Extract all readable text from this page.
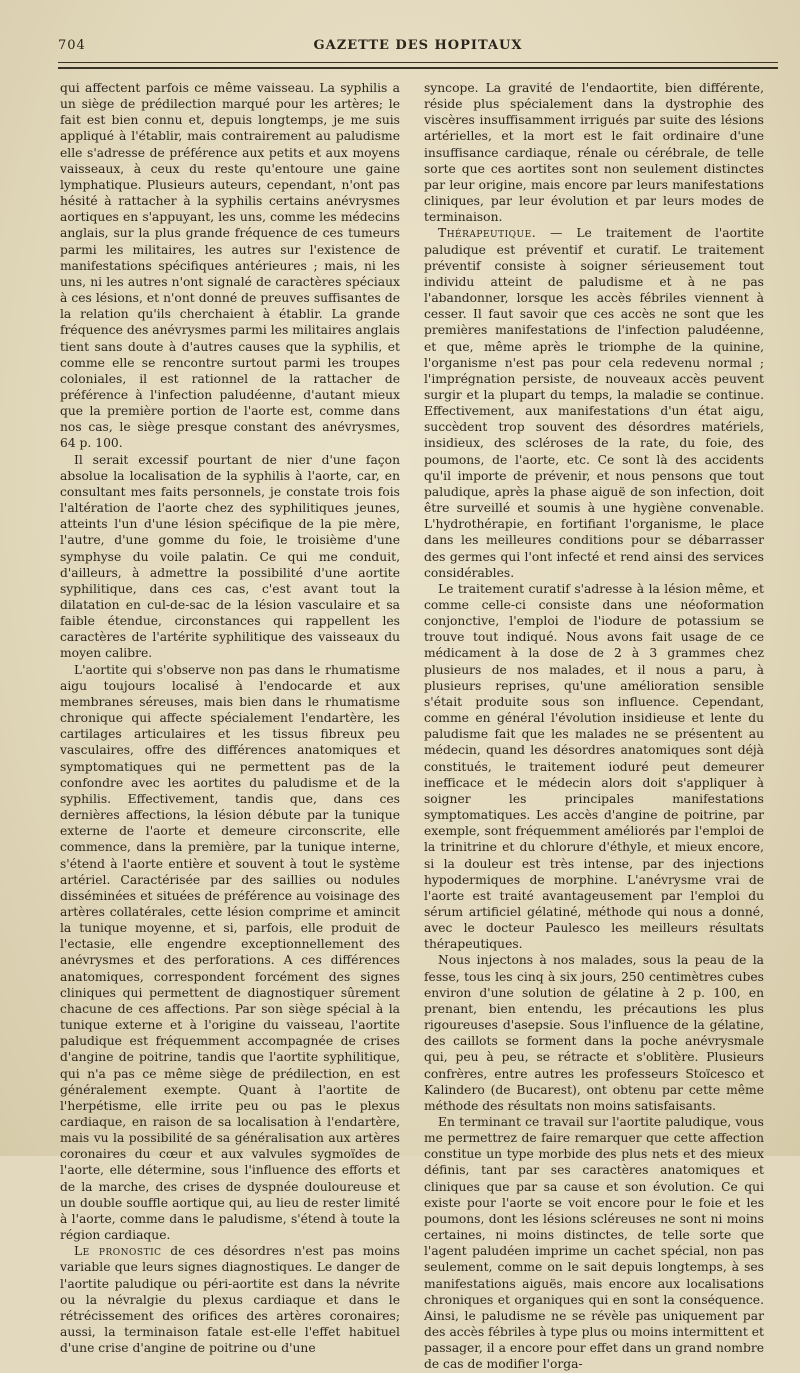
704	GAZETTE DES HOPITAUX

qui affectent parfois ce même vaisseau. La syphilis a un siège de prédilection marqué pour les artères; le fait est bien connu et, depuis longtemps, je me suis appliqué à l'établir, mais contrairement au paludisme elle s'adresse de préférence aux petits et aux moyens vaisseaux, à ceux du reste qu'entoure une gaine lymphatique. Plusieurs auteurs, cependant, n'ont pas hésité à rattacher à la syphilis certains anévrysmes aortiques en s'appuyant, les uns, comme les médecins anglais, sur la plus grande fréquence de ces tumeurs parmi les militaires, les autres sur l'existence de manifestations spécifiques antérieures ; mais, ni les uns, ni les autres n'ont signalé de caractères spéciaux à ces lésions, et n'ont donné de preuves suffisantes de la relation qu'ils cherchaient à établir. La grande fréquence des anévrysmes parmi les militaires anglais tient sans doute à d'autres causes que la syphilis, et comme elle se rencontre surtout parmi les troupes coloniales, il est rationnel de la rattacher de préférence à l'infection paludéenne, d'autant mieux que la première portion de l'aorte est, comme dans nos cas, le siège presque constant des anévrysmes, 64 p. 100.

Il serait excessif pourtant de nier d'une façon absolue la localisation de la syphilis à l'aorte, car, en consultant mes faits personnels, je constate trois fois l'altération de l'aorte chez des syphilitiques jeunes, atteints l'un d'une lésion spécifique de la pie mère, l'autre, d'une gomme du foie, le troisième d'une symphyse du voile palatin. Ce qui me conduit, d'ailleurs, à admettre la possibilité d'une aortite syphilitique, dans ces cas, c'est avant tout la dilatation en cul-de-sac de la lésion vasculaire et sa faible étendue, circonstances qui rappellent les caractères de l'artérite syphilitique des vaisseaux du moyen calibre.

L'aortite qui s'observe non pas dans le rhumatisme aigu toujours localisé à l'endocarde et aux membranes séreuses, mais bien dans le rhumatisme chronique qui affecte spécialement l'endartère, les cartilages articulaires et les tissus fibreux peu vasculaires, offre des différences anatomiques et symptomatiques qui ne permettent pas de la confondre avec les aortites du paludisme et de la syphilis. Effectivement, tandis que, dans ces dernières affections, la lésion débute par la tunique externe de l'aorte et demeure circonscrite, elle commence, dans la première, par la tunique interne, s'étend à l'aorte entière et souvent à tout le système artériel. Caractérisée par des saillies ou nodules disséminées et situées de préférence au voisinage des artères collatérales, cette lésion comprime et amincit la tunique moyenne, et si, parfois, elle produit de l'ectasie, elle engendre exceptionnellement des anévrysmes et des perforations. A ces différences anatomiques, correspondent forcément des signes cliniques qui permettent de diagnostiquer sûrement chacune de ces affections. Par son siège spécial à la tunique externe et à l'origine du vaisseau, l'aortite paludique est fréquemment accompagnée de crises d'angine de poitrine, tandis que l'aortite syphilitique, qui n'a pas ce même siège de prédilection, en est généralement exempte. Quant à l'aortite de l'herpétisme, elle irrite peu ou pas le plexus cardiaque, en raison de sa localisation à l'endartère, mais vu la possibilité de sa généralisation aux artères coronaires du cœur et aux valvules sygmoïdes de l'aorte, elle détermine, sous l'influence des efforts et de la marche, des crises de dyspnée douloureuse et un double souffle aortique qui, au lieu de rester limité à l'aorte, comme dans le paludisme, s'étend à toute la région cardiaque.

Le pronostic de ces désordres n'est pas moins variable que leurs signes diagnostiques. Le danger de l'aortite paludique ou péri-aortite est dans la névrite ou la névralgie du plexus cardiaque et dans le rétrécissement des orifices des artères coronaires; aussi, la terminaison fatale est-elle l'effet habituel d'une crise d'angine de poitrine ou d'une

syncope. La gravité de l'endaortite, bien différente, réside plus spécialement dans la dystrophie des viscères insuffisamment irrigués par suite des lésions artérielles, et la mort est le fait ordinaire d'une insuffisance cardiaque, rénale ou cérébrale, de telle sorte que ces aortites sont non seulement distinctes par leur origine, mais encore par leurs manifestations cliniques, par leur évolution et par leurs modes de terminaison.

Thérapeutique. — Le traitement de l'aortite paludique est préventif et curatif. Le traitement préventif consiste à soigner sérieusement tout individu atteint de paludisme et à ne pas l'abandonner, lorsque les accès fébriles viennent à cesser. Il faut savoir que ces accès ne sont que les premières manifestations de l'infection paludéenne, et que, même après le triomphe de la quinine, l'organisme n'est pas pour cela redevenu normal ; l'imprégnation persiste, de nouveaux accès peuvent surgir et la plupart du temps, la maladie se continue. Effectivement, aux manifestations d'un état aigu, succèdent trop souvent des désordres matériels, insidieux, des scléroses de la rate, du foie, des poumons, de l'aorte, etc. Ce sont là des accidents qu'il importe de prévenir, et nous pensons que tout paludique, après la phase aiguë de son infection, doit être surveillé et soumis à une hygiène convenable. L'hydrothérapie, en fortifiant l'organisme, le place dans les meilleures conditions pour se débarrasser des germes qui l'ont infecté et rend ainsi des services considérables.

Le traitement curatif s'adresse à la lésion même, et comme celle-ci consiste dans une néoformation conjonctive, l'emploi de l'iodure de potassium se trouve tout indiqué. Nous avons fait usage de ce médicament à la dose de 2 à 3 grammes chez plusieurs de nos malades, et il nous a paru, à plusieurs reprises, qu'une amélioration sensible s'était produite sous son influence. Cependant, comme en général l'évolution insidieuse et lente du paludisme fait que les malades ne se présentent au médecin, quand les désordres anatomiques sont déjà constitués, le traitement ioduré peut demeurer inefficace et le médecin alors doit s'appliquer à soigner les principales manifestations symptomatiques. Les accès d'angine de poitrine, par exemple, sont fréquemment améliorés par l'emploi de la trinitrine et du chlorure d'éthyle, et mieux encore, si la douleur est très intense, par des injections hypodermiques de morphine. L'anévrysme vrai de l'aorte est traité avantageusement par l'emploi du sérum artificiel gélatiné, méthode qui nous a donné, avec le docteur Paulesco les meilleurs résultats thérapeutiques.

Nous injectons à nos malades, sous la peau de la fesse, tous les cinq à six jours, 250 centimètres cubes environ d'une solution de gélatine à 2 p. 100, en prenant, bien entendu, les précautions les plus rigoureuses d'asepsie. Sous l'influence de la gélatine, des caillots se forment dans la poche anévrysmale qui, peu à peu, se rétracte et s'oblitère. Plusieurs confrères, entre autres les professeurs Stoïcesco et Kalindero (de Bucarest), ont obtenu par cette même méthode des résultats non moins satisfaisants.

En terminant ce travail sur l'aortite paludique, vous me permettrez de faire remarquer que cette affection constitue un type morbide des plus nets et des mieux définis, tant par ses caractères anatomiques et cliniques que par sa cause et son évolution. Ce qui existe pour l'aorte se voit encore pour le foie et les poumons, dont les lésions scléreuses ne sont ni moins certaines, ni moins distinctes, de telle sorte que l'agent paludéen imprime un cachet spécial, non pas seulement, comme on le sait depuis longtemps, à ses manifestations aiguës, mais encore aux localisations chroniques et organiques qui en sont la conséquence. Ainsi, le paludisme ne se révèle pas uniquement par des accès fébriles à type plus ou moins intermittent et passager, il a encore pour effet dans un grand nombre de cas de modifier l'orga-
